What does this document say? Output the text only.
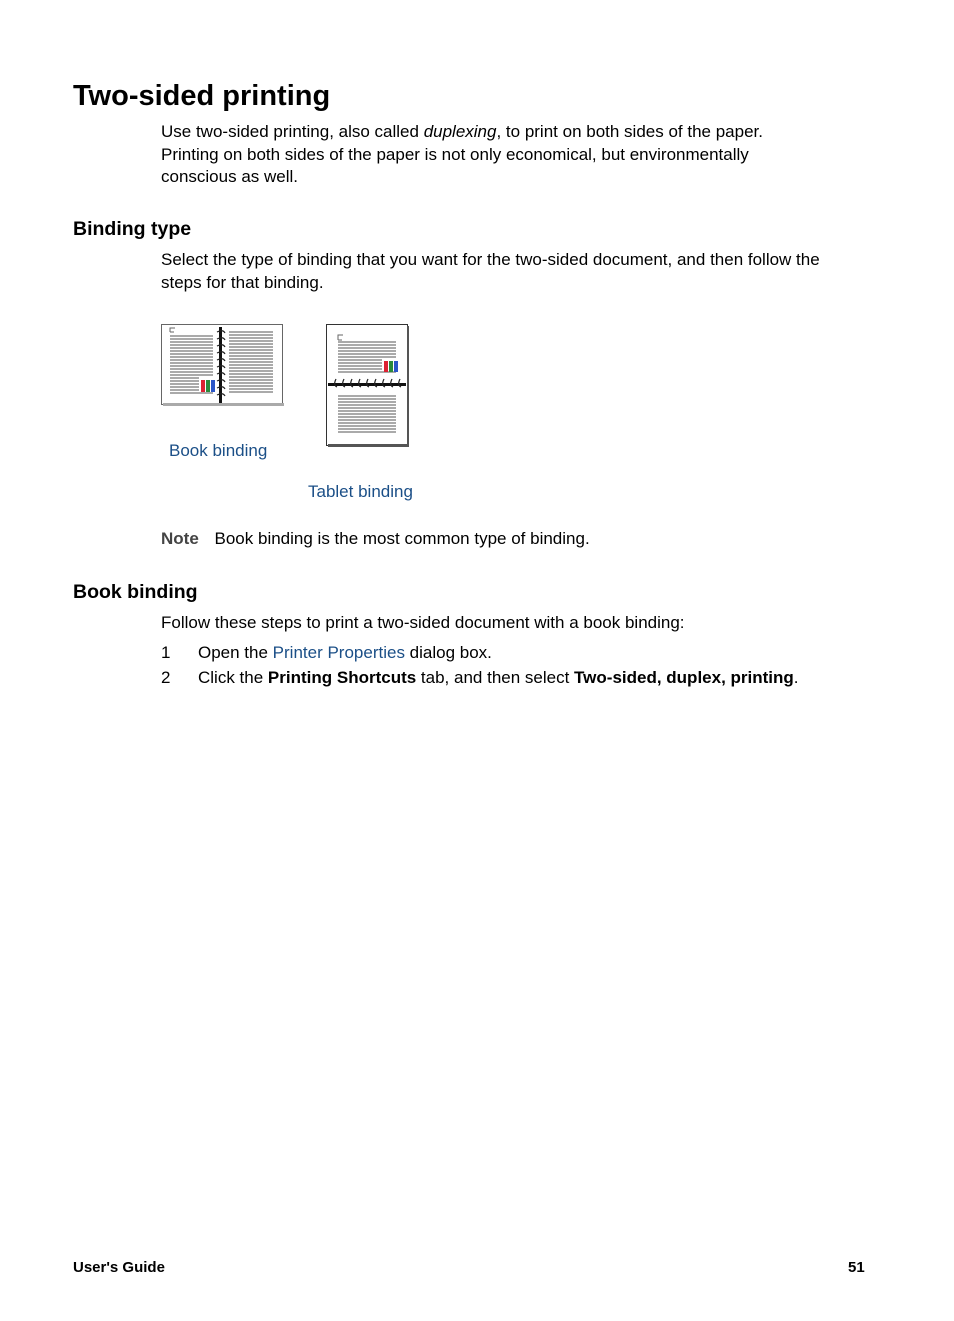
Two-sided printing
Use two-sided printing, also called duplexing, to print on both sides of the paper.
Printing on both sides of the paper is not only economical, but environmentally
conscious as well.
Binding type
Select the type of binding that you want for the two-sided document, and then follow the
steps for that binding.
Book binding
Tablet binding
Note Book binding is the most common type of binding.
Book binding
Follow these steps to print a two-sided document with a book binding:
1 Open the Printer Properties dialog box.
2 Click the Printing Shortcuts tab, and then select Two-sided, duplex, printing.
User's Guide	51
